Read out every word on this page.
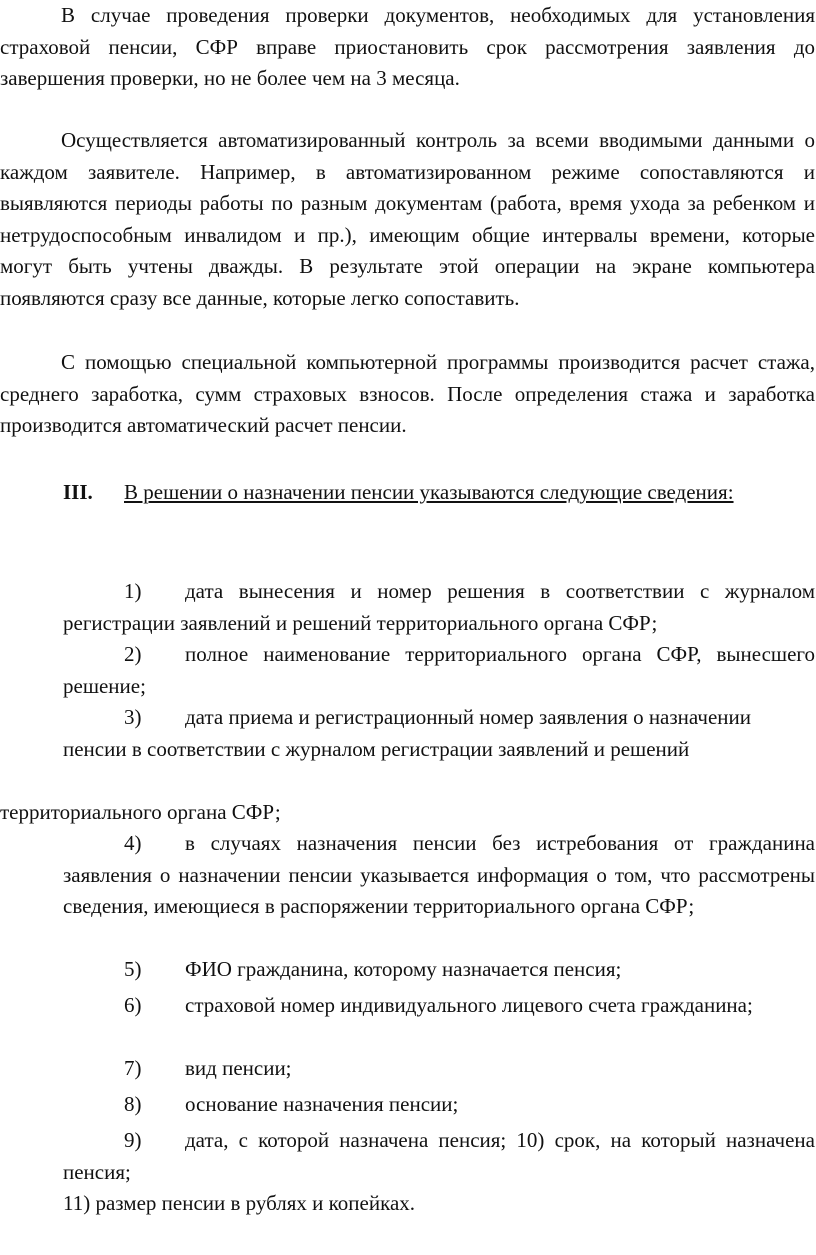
В случае проведения проверки документов, необходимых для установления страховой пенсии, СФР вправе приостановить срок рассмотрения заявления до завершения проверки, но не более чем на 3 месяца.

Осуществляется автоматизированный контроль за всеми вводимыми данными о каждом заявителе. Например, в автоматизированном режиме сопоставляются и выявляются периоды работы по разным документам (работа, время ухода за ребенком и нетрудоспособным инвалидом и пр.), имеющим общие интервалы времени, которые могут быть учтены дважды. В результате этой операции на экране компьютера появляются сразу все данные, которые легко сопоставить.

С помощью специальной компьютерной программы производится расчет стажа, среднего заработка, сумм страховых взносов. После определения стажа и заработка производится автоматический расчет пенсии.

III. В решении о назначении пенсии указываются следующие сведения:

1) дата вынесения и номер решения в соответствии с журналом регистрации заявлений и решений территориального органа СФР;

2) полное наименование территориального органа СФР, вынесшего решение;

3) дата приема и регистрационный номер заявления о назначении пенсии в соответствии с журналом регистрации заявлений и решений

4) в случаях назначения пенсии без истребования от гражданина заявления о назначении пенсии указывается информация о том, что рассмотрены сведения, имеющиеся в распоряжении территориального органа СФР;

5) ФИО гражданина, которому назначается пенсия;

6) страховой номер индивидуального лицевого счета гражданина;

7) вид пенсии;

8) основание назначения пенсии;

9) дата, с которой назначена пенсия; 10) срок, на который назначена пенсия;

территориального органа СФР;

11) размер пенсии в рублях и копейках.
